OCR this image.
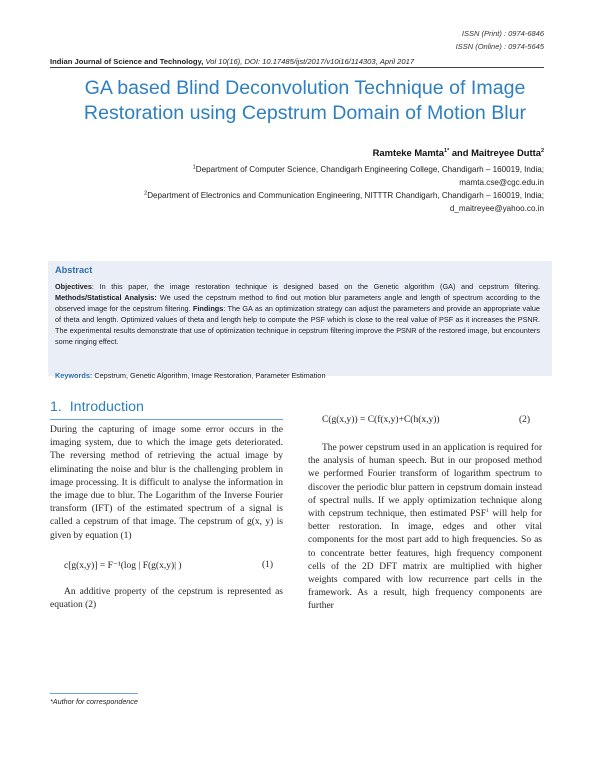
ISSN (Print) : 0974-6846
ISSN (Online) : 0974-5645
Indian Journal of Science and Technology, Vol 10(16), DOI: 10.17485/ijst/2017/v10i16/114303, April 2017
GA based Blind Deconvolution Technique of Image
Restoration using Cepstrum Domain of Motion Blur
Ramteke Mamta$^{1*}$ and Maitreyee Dutta$^2$
$^1$Department of Computer Science, Chandigarh Engineering College, Chandigarh – 160019, India;
mamta.cse@cgc.edu.in
$^2$Department of Electronics and Communication Engineering, NITTTR Chandigarh, Chandigarh – 160019, India;
d_maitreyee@yahoo.co.in
Abstract
Objectives: In this paper, the image restoration technique is designed based on the Genetic algorithm (GA) and cepstrum filtering. Methods/Statistical Analysis: We used the cepstrum method to find out motion blur parameters angle and length of spectrum according to the observed image for the cepstrum filtering. Findings: The GA as an optimization strategy can adjust the parameters and provide an appropriate value of theta and length. Optimized values of theta and length help to compute the PSF which is close to the real value of PSF as it increases the PSNR. The experimental results demonstrate that use of optimization technique in cepstrum filtering improve the PSNR of the restored image, but encounters some ringing effect.
Keywords: Cepstrum, Genetic Algorithm, Image Restoration, Parameter Estimation
1. Introduction

During the capturing of image some error occurs in the imaging system, due to which the image gets deteriorated. The reversing method of retrieving the actual image by eliminating the noise and blur is the challenging problem in image processing. It is difficult to analyse the information in the image due to blur. The Logarithm of the Inverse Fourier transform (IFT) of the estimated spectrum of a signal is called a cepstrum of that image. The cepstrum of g(x, y) is given by equation (1)

c[g(x,y)] = F⁻¹(log | F(g(x,y)| )	(1)

An additive property of the cepstrum is represented as equation (2)

C(g(x,y)) = C(f(x,y)+C(h(x,y))	(2)

The power cepstrum used in an application is required for the analysis of human speech. But in our proposed method we performed Fourier transform of logarithm spectrum to discover the periodic blur pattern in cepstrum domain instead of spectral nulls. If we apply optimization technique along with cepstrum technique, then estimated PSF$^1$ will help for better restoration. In image, edges and other vital components for the most part add to high frequencies. So as to concentrate better features, high frequency component cells of the 2D DFT matrix are multiplied with higher weights compared with low recurrence part cells in the framework. As a result, high frequency components are further

*Author for correspondence
